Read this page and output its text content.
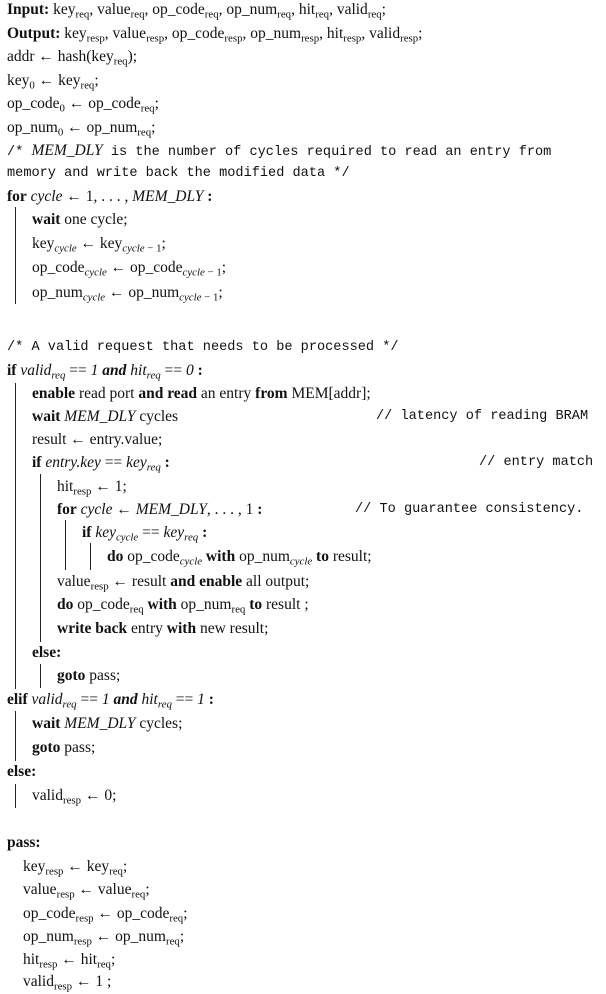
Input: key$_{req}$, value$_{req}$, op_code$_{req}$, op_num$_{req}$, hit$_{req}$, valid$_{req}$;
Output: key$_{resp}$, value$_{resp}$, op_code$_{resp}$, op_num$_{resp}$, hit$_{resp}$, valid$_{resp}$;
addr ← hash(key$_{req}$);
key$_0$ ← key$_{req}$;
op_code$_0$ ← op_code$_{req}$;
op_num$_0$ ← op_num$_{req}$;
/* MEM_DLY is the number of cycles required to read an entry from
memory and write back the modified data */
for cycle ← 1, . . . , MEM_DLY :
wait one cycle;
key$_{cycle}$ ← key$_{cycle - 1}$;
op_code$_{cycle}$ ← op_code$_{cycle - 1}$;
op_num$_{cycle}$ ← op_num$_{cycle - 1}$;
/* A valid request that needs to be processed */
if valid$_{req}$ == 1 and hit$_{req}$ == 0 :
enable read port and read an entry from MEM[addr];
wait MEM_DLY cycles	// latency of reading BRAM
result ← entry.value;
if entry.key == key$_{req}$ :	// entry match
hit$_{resp}$ ← 1;
for cycle ← MEM_DLY, . . . , 1 :	// To guarantee consistency.
if key$_{cycle}$ == key$_{req}$ :
do op_code$_{cycle}$ with op_num$_{cycle}$ to result;
value$_{resp}$ ← result and enable all output;
do op_code$_{req}$ with op_num$_{req}$ to result ;
write back entry with new result;
else:
goto pass;
elif valid$_{req}$ == 1 and hit$_{req}$ == 1 :
wait MEM_DLY cycles;
goto pass;
else:
valid$_{resp}$ ← 0;
pass:
key$_{resp}$ ← key$_{req}$;
value$_{resp}$ ← value$_{req}$;
op_code$_{resp}$ ← op_code$_{req}$;
op_num$_{resp}$ ← op_num$_{req}$;
hit$_{resp}$ ← hit$_{req}$;
valid$_{resp}$ ← 1 ;
